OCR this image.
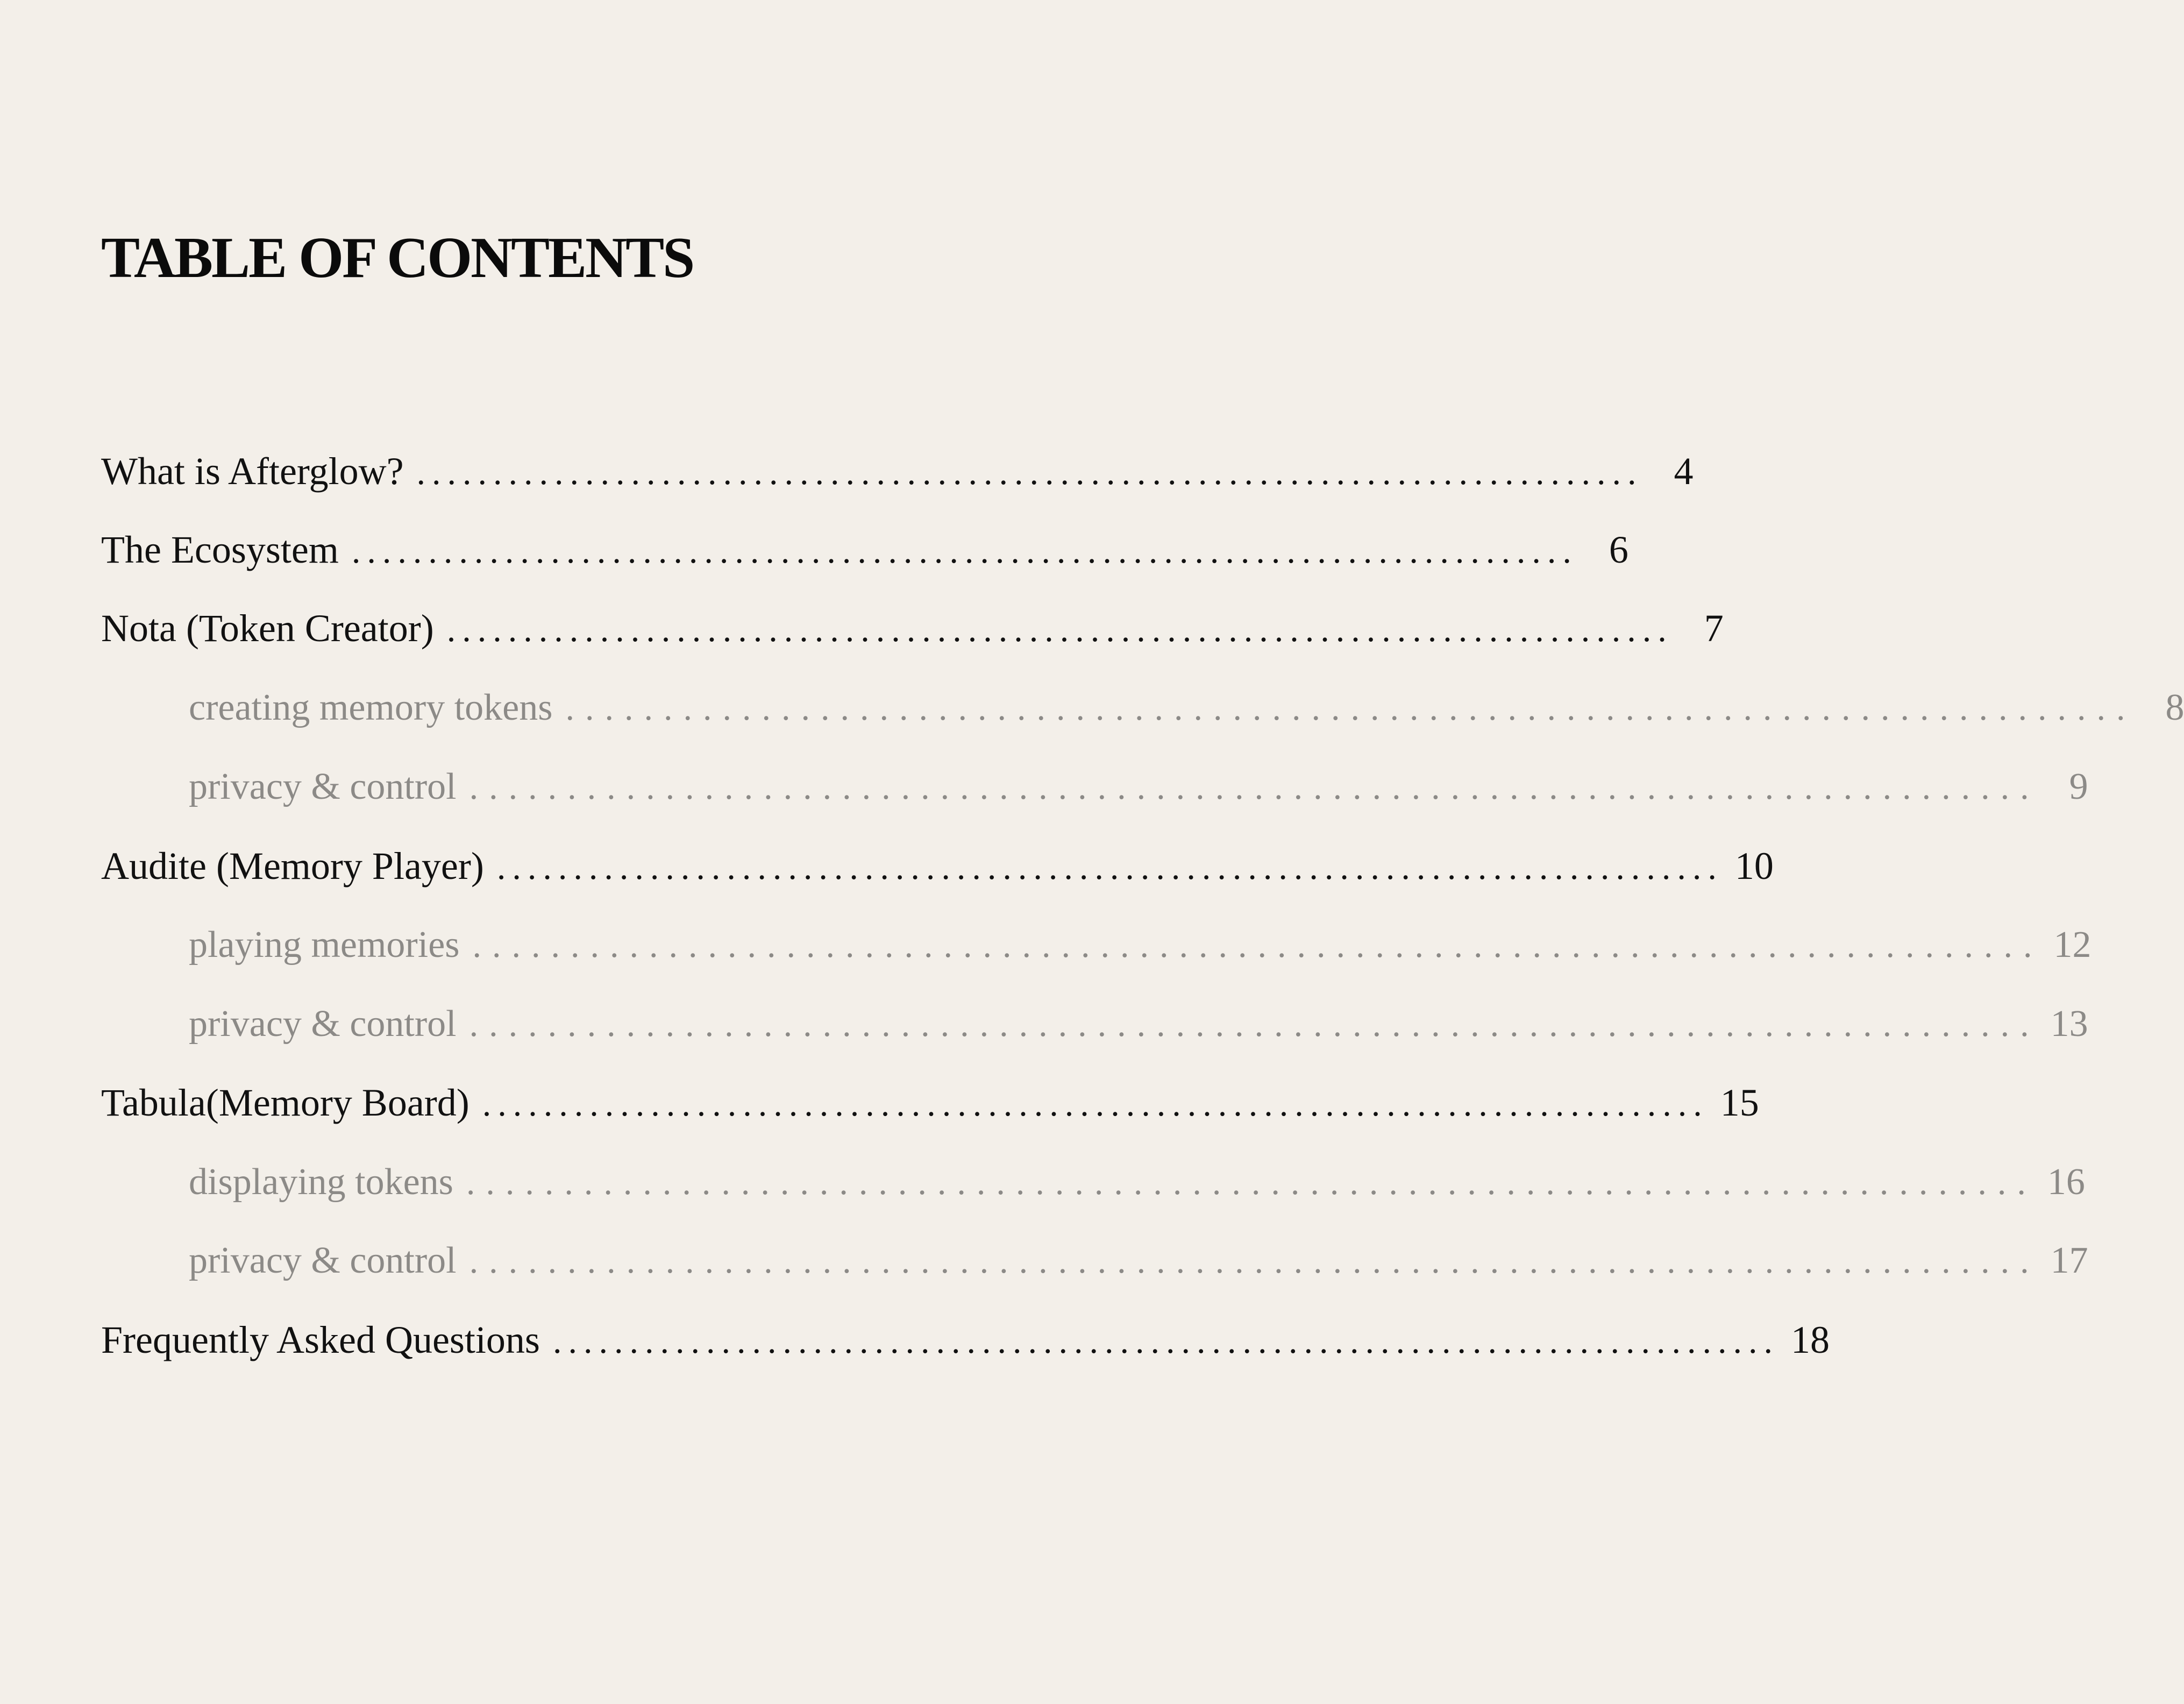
TABLE OF CONTENTS
What is Afterglow? ................................................................................ 4
The Ecosystem ................................................................................ 6
Nota (Token Creator) ................................................................................ 7
creating memory tokens ................................................................................ 8
privacy & control ................................................................................ 9
Audite (Memory Player) ................................................................................ 10
playing memories ................................................................................ 12
privacy & control ................................................................................ 13
Tabula(Memory Board) ................................................................................ 15
displaying tokens ................................................................................ 16
privacy & control ................................................................................ 17
Frequently Asked Questions ................................................................................ 18
